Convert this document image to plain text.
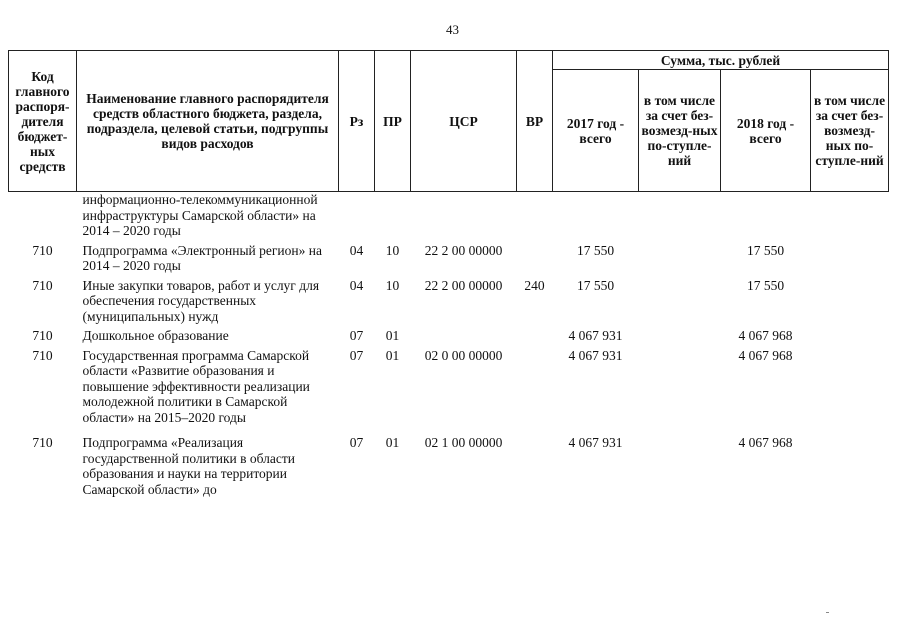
43
Код главного распоря-дителя бюджет-ных средств	Наименование главного распорядителя средств областного бюджета, раздела, подраздела, целевой статьи, подгруппы видов расходов	Рз	ПР	ЦСР	ВР	Сумма, тыс. рублей			
						2017 год - всего	в том числе за счет без-возмезд-ных по-ступле-ний	2018 год - всего	в том числе за счет без-возмезд-ных по-ступле-ний
	информационно-телекоммуникационной инфраструктуры Самарской области» на 2014 – 2020 годы								
710	Подпрограмма «Электронный регион» на 2014 – 2020 годы	04	10	22 2 00 00000		17 550		17 550	
710	Иные закупки товаров, работ и услуг для обеспечения государственных (муниципальных) нужд	04	10	22 2 00 00000	240	17 550		17 550	
710	Дошкольное образование	07	01			4 067 931		4 067 968	
710	Государственная программа Самарской области «Развитие образования и повышение эффективности реализации молодежной политики в Самарской области» на 2015–2020 годы	07	01	02 0 00 00000		4 067 931		4 067 968	
710	Подпрограмма «Реализация государственной политики в области образования и науки на территории Самарской области» до	07	01	02 1 00 00000		4 067 931		4 067 968	
